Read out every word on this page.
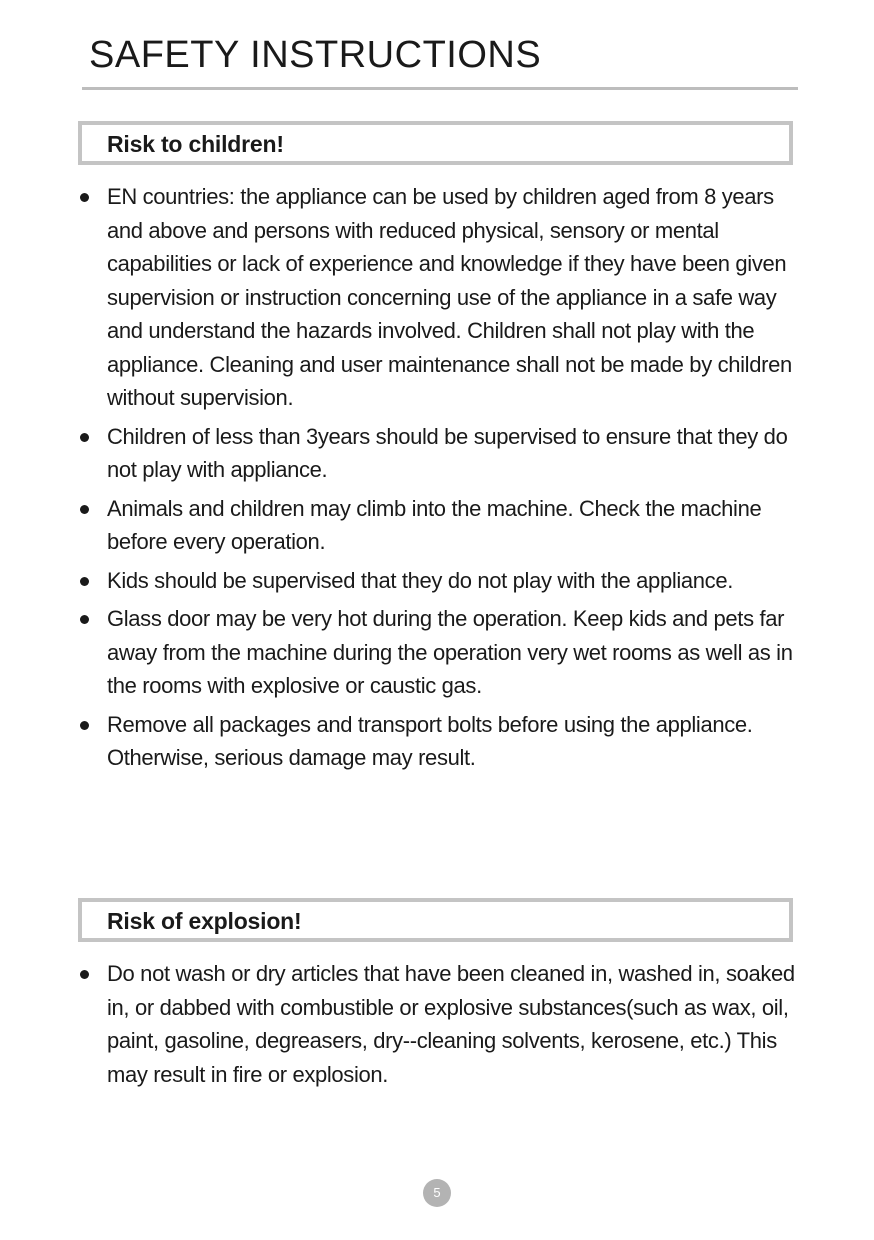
SAFETY INSTRUCTIONS
Risk to children!
EN countries: the appliance can be used by children aged from 8 years and above and persons with reduced physical, sensory or mental capabilities or lack of experience and knowledge if they have been given supervision or instruction concerning use of the appliance in a safe way and understand the hazards involved. Children shall not play with the appliance. Cleaning and user maintenance shall not be made by children without supervision.
Children of less than 3years should be supervised to ensure that they do not play with appliance.
Animals and children may climb into the machine. Check the machine before every operation.
Kids should be supervised that they do not play with the appliance.
Glass door may be very hot during the operation. Keep kids and pets far away from the machine during the operation very wet rooms as well as in the rooms with explosive or caustic gas.
Remove all packages and transport bolts before using the appliance. Otherwise, serious damage may result.
Risk of explosion!
Do not wash or dry articles that have been cleaned in, washed in, soaked in, or dabbed with combustible or explosive substances(such as wax, oil, paint, gasoline, degreasers, dry--cleaning solvents, kerosene, etc.) This may result in fire or explosion.
5
